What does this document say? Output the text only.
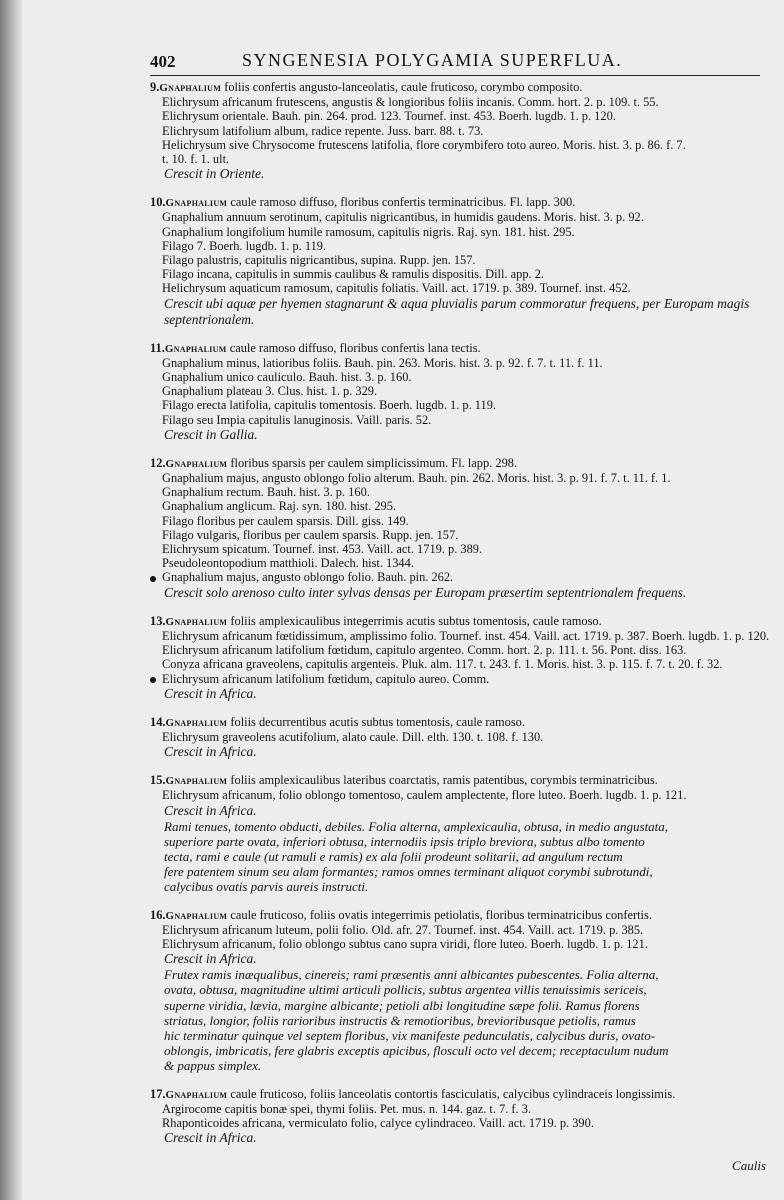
402	SYNGENESIA POLYGAMIA SUPERFLUA.
9.Gnaphalium foliis confertis angusto-lanceolatis, caule fruticoso, corymbo composito.
Elichrysum africanum frutescens, angustis & longioribus foliis incanis. Comm. hort. 2. p. 109. t. 55.
Elichrysum orientale. Bauh. pin. 264. prod. 123. Tournef. inst. 453. Boerh. lugdb. 1. p. 120.
Elichrysum latifolium album, radice repente. Juss. barr. 88. t. 73.
Helichrysum sive Chrysocome frutescens latifolia, flore corymbifero toto aureo. Moris. hist. 3. p. 86. f. 7.
t. 10. f. 1. ult.
Crescit in Oriente.
10.Gnaphalium caule ramoso diffuso, floribus confertis terminatricibus. Fl. lapp. 300.
Gnaphalium annuum serotinum, capitulis nigricantibus, in humidis gaudens. Moris. hist. 3. p. 92.
Gnaphalium longifolium humile ramosum, capitulis nigris. Raj. syn. 181. hist. 295.
Filago 7. Boerh. lugdb. 1. p. 119.
Filago palustris, capitulis nigricantibus, supina. Rupp. jen. 157.
Filago incana, capitulis in summis caulibus & ramulis dispositis. Dill. app. 2.
Helichrysum aquaticum ramosum, capitulis foliatis. Vaill. act. 1719. p. 389. Tournef. inst. 452.
Crescit ubi aquæ per hyemen stagnarunt & aqua pluvialis parum commoratur frequens, per Europam magis septentrionalem.
11.Gnaphalium caule ramoso diffuso, floribus confertis lana tectis.
Gnaphalium minus, latioribus foliis. Bauh. pin. 263. Moris. hist. 3. p. 92. f. 7. t. 11. f. 11.
Gnaphalium unico cauliculo. Bauh. hist. 3. p. 160.
Gnaphalium plateau 3. Clus. hist. 1. p. 329.
Filago erecta latifolia, capitulis tomentosis. Boerh. lugdb. 1. p. 119.
Filago seu Impia capitulis lanuginosis. Vaill. paris. 52.
Crescit in Gallia.
12.Gnaphalium floribus sparsis per caulem simplicissimum. Fl. lapp. 298.
Gnaphalium majus, angusto oblongo folio alterum. Bauh. pin. 262. Moris. hist. 3. p. 91. f. 7. t. 11. f. 1.
Gnaphalium rectum. Bauh. hist. 3. p. 160.
Gnaphalium anglicum. Raj. syn. 180. hist. 295.
Filago floribus per caulem sparsis. Dill. giss. 149.
Filago vulgaris, floribus per caulem sparsis. Rupp. jen. 157.
Elichrysum spicatum. Tournef. inst. 453. Vaill. act. 1719. p. 389.
Pseudoleontopodium matthioli. Dalech. hist. 1344.
Gnaphalium majus, angusto oblongo folio. Bauh. pin. 262.
Crescit solo arenoso culto inter sylvas densas per Europam præsertim septentrionalem frequens.
13.Gnaphalium foliis amplexicaulibus integerrimis acutis subtus tomentosis, caule ramoso.
Elichrysum africanum fœtidissimum, amplissimo folio. Tournef. inst. 454. Vaill. act. 1719. p. 387. Boerh. lugdb. 1. p. 120.
Elichrysum africanum latifolium fœtidum, capitulo argenteo. Comm. hort. 2. p. 111. t. 56. Pont. diss. 163.
Conyza africana graveolens, capitulis argenteis. Pluk. alm. 117. t. 243. f. 1. Moris. hist. 3. p. 115. f. 7. t. 20. f. 32.
Elichrysum africanum latifolium fœtidum, capitulo aureo. Comm.
Crescit in Africa.
14.Gnaphalium foliis decurrentibus acutis subtus tomentosis, caule ramoso.
Elichrysum graveolens acutifolium, alato caule. Dill. elth. 130. t. 108. f. 130.
Crescit in Africa.
15.Gnaphalium foliis amplexicaulibus lateribus coarctatis, ramis patentibus, corymbis terminatricibus.
Elichrysum africanum, folio oblongo tomentoso, caulem amplectente, flore luteo. Boerh. lugdb. 1. p. 121.
Crescit in Africa.
Rami tenues, tomento obducti, debiles. Folia alterna, amplexicaulia, obtusa, in medio angustata,
superiore parte ovata, inferiori obtusa, internodiis ipsis triplo breviora, subtus albo tomento
tecta, rami e caule (ut ramuli e ramis) ex ala folii prodeunt solitarii, ad angulum rectum
fere patentem sinum seu alam formantes; ramos omnes terminant aliquot corymbi subrotundi,
calycibus ovatis parvis aureis instructi.
16.Gnaphalium caule fruticoso, foliis ovatis integerrimis petiolatis, floribus terminatricibus confertis.
Elichrysum africanum luteum, polii folio. Old. afr. 27. Tournef. inst. 454. Vaill. act. 1719. p. 385.
Elichrysum africanum, folio oblongo subtus cano supra viridi, flore luteo. Boerh. lugdb. 1. p. 121.
Crescit in Africa.
Frutex ramis inæqualibus, cinereis; rami præsentis anni albicantes pubescentes. Folia alterna,
ovata, obtusa, magnitudine ultimi articuli pollicis, subtus argentea villis tenuissimis sericeis,
superne viridia, lævia, margine albicante; petioli albi longitudine sæpe folii. Ramus florens
striatus, longior, foliis rarioribus instructis & remotioribus, brevioribusque petiolis, ramus
hic terminatur quinque vel septem floribus, vix manifeste pedunculatis, calycibus duris, ovato-
oblongis, imbricatis, fere glabris exceptis apicibus, flosculi octo vel decem; receptaculum nudum
& pappus simplex.
17.Gnaphalium caule fruticoso, foliis lanceolatis contortis fasciculatis, calycibus cylindraceis longissimis.
Argirocome capitis bonæ spei, thymi foliis. Pet. mus. n. 144. gaz. t. 7. f. 3.
Rhaponticoides africana, vermiculato folio, calyce cylindraceo. Vaill. act. 1719. p. 390.
Crescit in Africa.
Caulis
